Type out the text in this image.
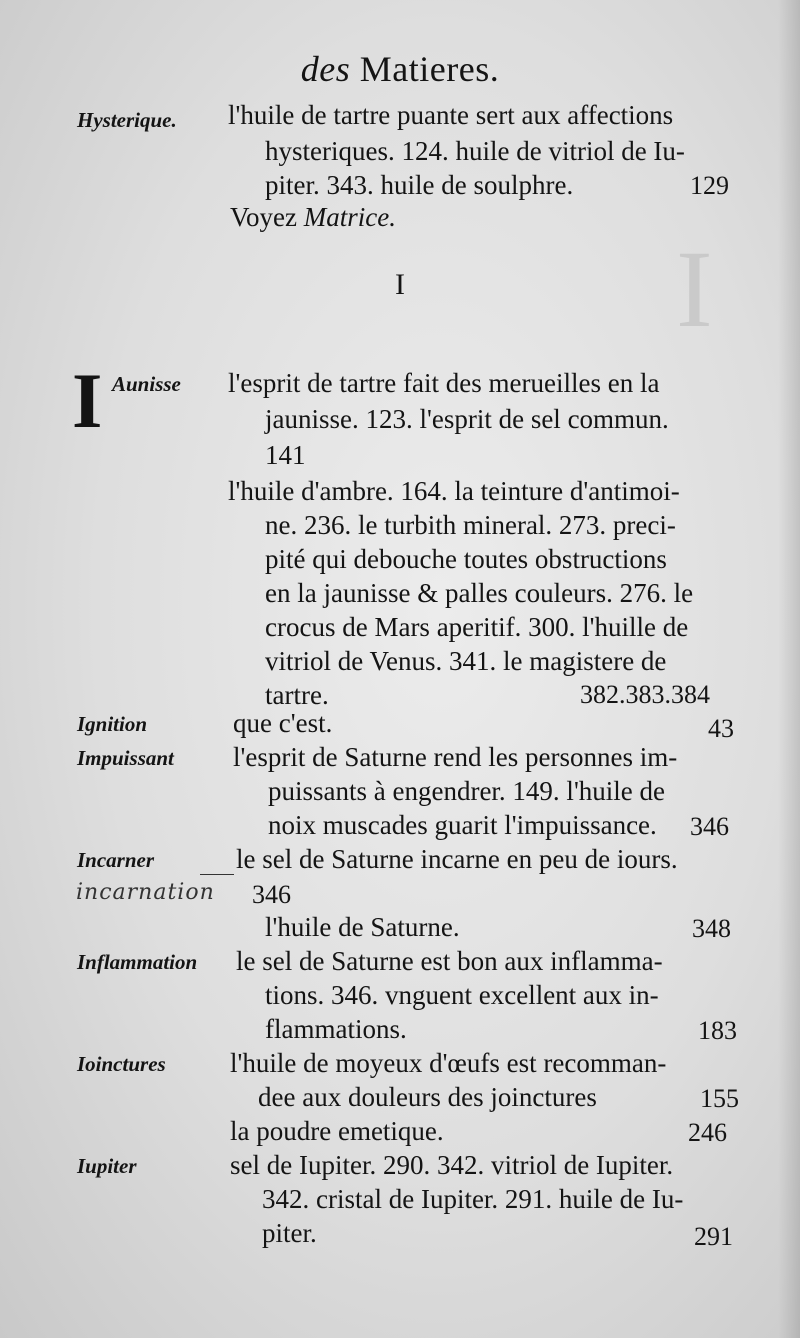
I
des Matieres.
Hysterique. l'huile de tartre puante sert aux affections
hysteriques. 124. huile de vitriol de Iu-
piter. 343. huile de soulphre.	129
Voyez Matrice.
I
I Aunisse l'esprit de tartre fait des merueilles en la
jaunisse. 123. l'esprit de sel commun.
141
l'huile d'ambre. 164. la teinture d'antimoi-
ne. 236. le turbith mineral. 273. preci-
pité qui debouche toutes obstructions
en la jaunisse & palles couleurs. 276. le
crocus de Mars aperitif. 300. l'huille de
vitriol de Venus. 341. le magistere de
tartre.	382.383.384
Ignition	que c'est.	43
Impuissant l'esprit de Saturne rend les personnes im-
puissants à engendrer. 149. l'huile de
noix muscades guarit l'impuissance. 346
Incarner	le sel de Saturne incarne en peu de iours.
incarnation 346
l'huile de Saturne.	348
Inflammation le sel de Saturne est bon aux inflamma-
tions. 346. vnguent excellent aux in-
flammations.	183
Ioinctures l'huile de moyeux d'œufs est recomman-
dee aux douleurs des joinctures	155
la poudre emetique.	246
Iupiter	sel de Iupiter. 290. 342. vitriol de Iupiter.
342. cristal de Iupiter. 291. huile de Iu-
piter.	291
